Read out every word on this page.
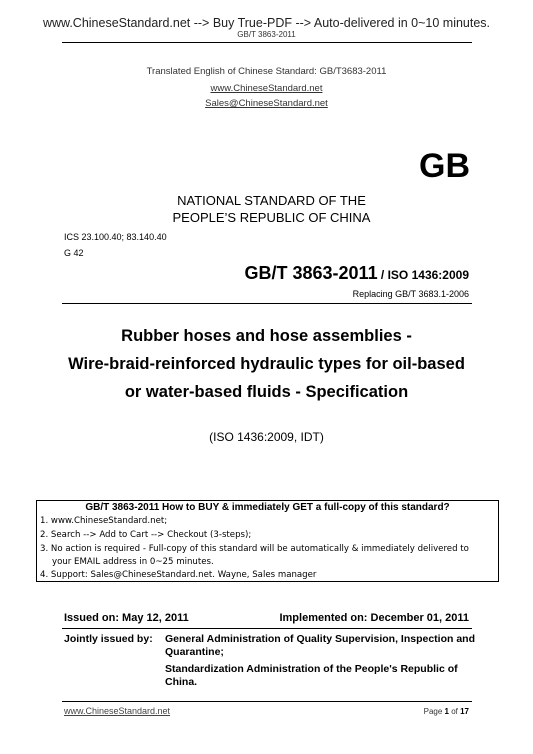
www.ChineseStandard.net --> Buy True-PDF --> Auto-delivered in 0~10 minutes.
GB/T 3863-2011
Translated English of Chinese Standard: GB/T3683-2011
www.ChineseStandard.net
Sales@ChineseStandard.net
GB
NATIONAL STANDARD OF THE
PEOPLE’S REPUBLIC OF CHINA
ICS 23.100.40; 83.140.40
G 42
GB/T 3863-2011 / ISO 1436:2009
Replacing GB/T 3683.1-2006
Rubber hoses and hose assemblies -
Wire-braid-reinforced hydraulic types for oil-based
or water-based fluids - Specification
(ISO 1436:2009, IDT)
GB/T 3863-2011 How to BUY & immediately GET a full-copy of this standard?
1. www.ChineseStandard.net;
2. Search --> Add to Cart --> Checkout (3-steps);
3. No action is required - Full-copy of this standard will be automatically & immediately delivered to
your EMAIL address in 0~25 minutes.
4. Support: Sales@ChineseStandard.net. Wayne, Sales manager
Issued on: May 12, 2011	Implemented on: December 01, 2011
Jointly issued by: General Administration of Quality Supervision, Inspection and Quarantine;
Standardization Administration of the People's Republic of China.
www.ChineseStandard.net	Page 1 of 17
